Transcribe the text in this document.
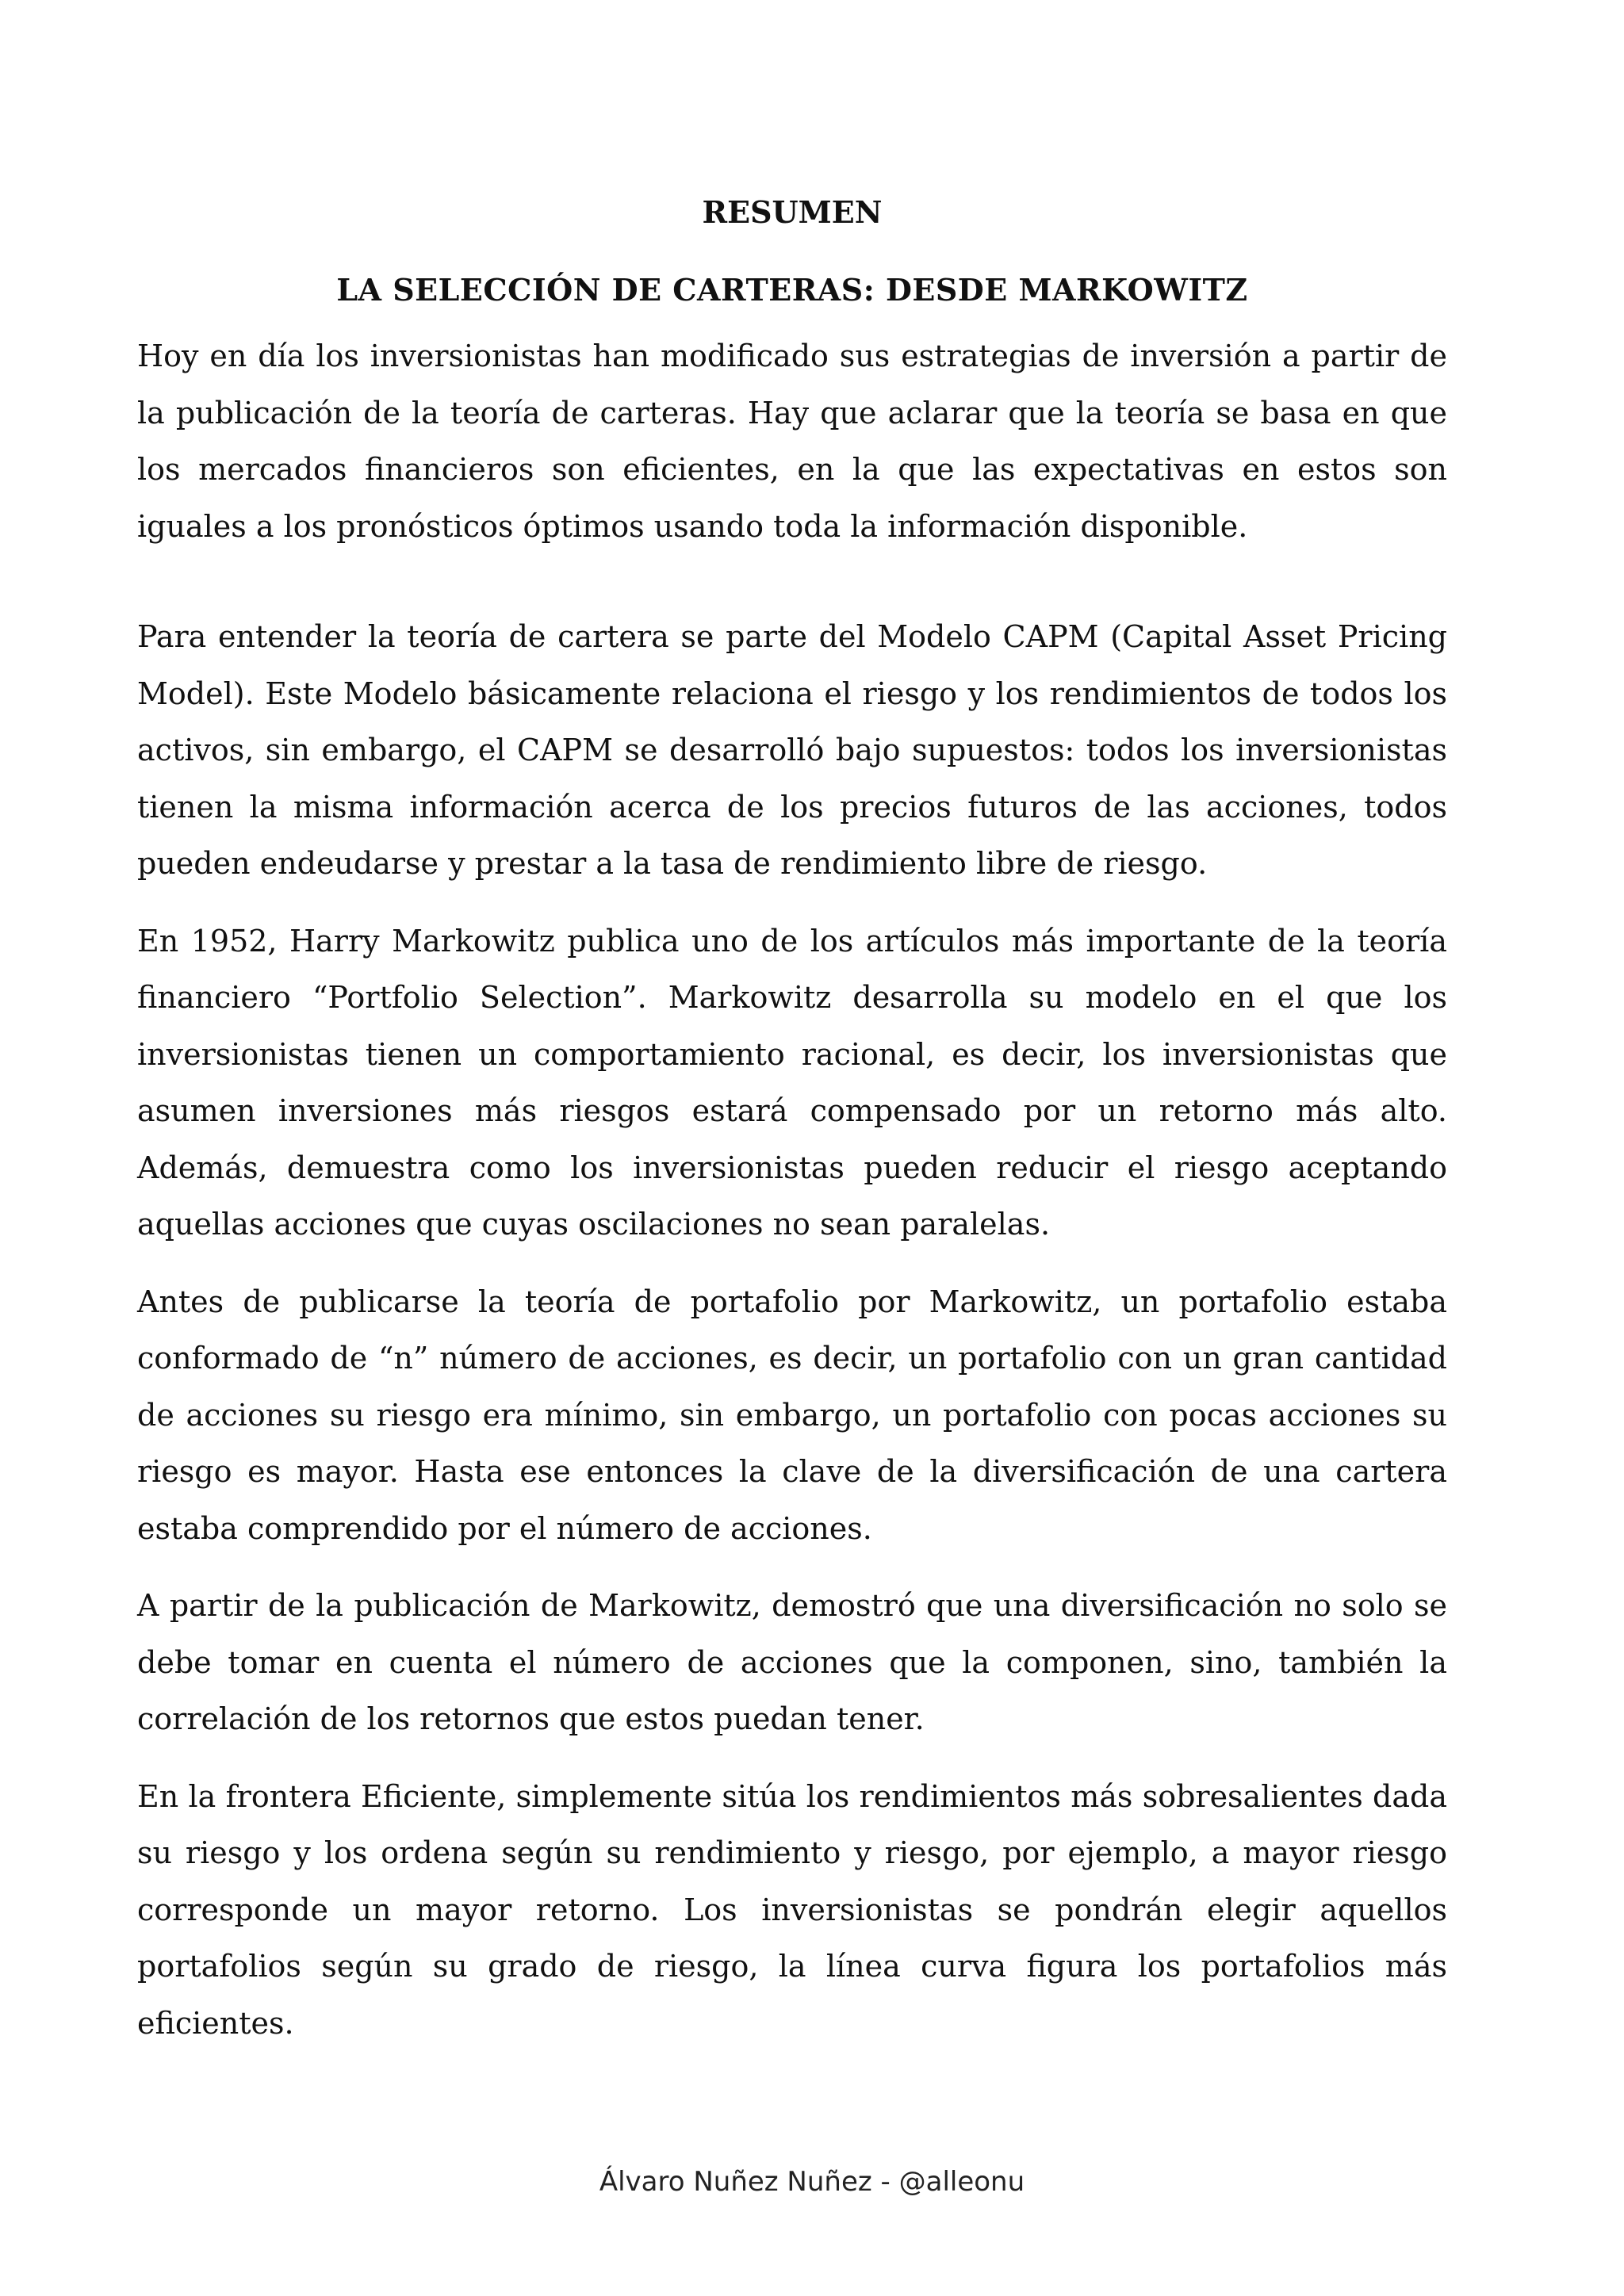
RESUMEN
LA SELECCIÓN DE CARTERAS: DESDE MARKOWITZ

Hoy en día los inversionistas han modificado sus estrategias de inversión a partir de la publicación de la teoría de carteras. Hay que aclarar que la teoría se basa en que los mercados financieros son eficientes, en la que las expectativas en estos son iguales a los pronósticos óptimos usando toda la información disponible.

Para entender la teoría de cartera se parte del Modelo CAPM (Capital Asset Pricing Model). Este Modelo básicamente relaciona el riesgo y los rendimientos de todos los activos, sin embargo, el CAPM se desarrolló bajo supuestos: todos los inversionistas tienen la misma información acerca de los precios futuros de las acciones, todos pueden endeudarse y prestar a la tasa de rendimiento libre de riesgo.

En 1952, Harry Markowitz publica uno de los artículos más importante de la teoría financiero “Portfolio Selection”. Markowitz desarrolla su modelo en el que los inversionistas tienen un comportamiento racional, es decir, los inversionistas que asumen inversiones más riesgos estará compensado por un retorno más alto. Además, demuestra como los inversionistas pueden reducir el riesgo aceptando aquellas acciones que cuyas oscilaciones no sean paralelas.

Antes de publicarse la teoría de portafolio por Markowitz, un portafolio estaba conformado de “n” número de acciones, es decir, un portafolio con un gran cantidad de acciones su riesgo era mínimo, sin embargo, un portafolio con pocas acciones su riesgo es mayor. Hasta ese entonces la clave de la diversificación de una cartera estaba comprendido por el número de acciones.

A partir de la publicación de Markowitz, demostró que una diversificación no solo se debe tomar en cuenta el número de acciones que la componen, sino, también la correlación de los retornos que estos puedan tener.

En la frontera Eficiente, simplemente sitúa los rendimientos más sobresalientes dada su riesgo y los ordena según su rendimiento y riesgo, por ejemplo, a mayor riesgo corresponde un mayor retorno. Los inversionistas se pondrán elegir aquellos portafolios según su grado de riesgo, la línea curva figura los portafolios más eficientes.

Álvaro Nuñez Nuñez - @alleonu
